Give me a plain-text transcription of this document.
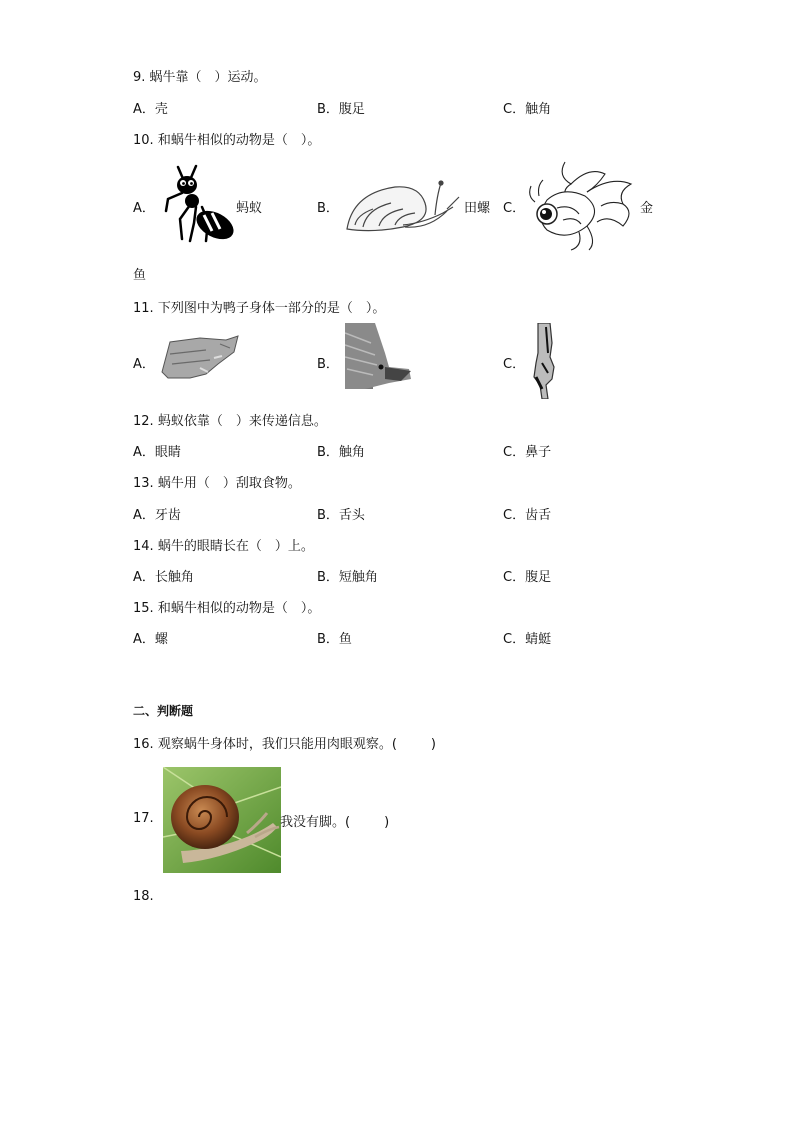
9. 蜗牛靠（　）运动。
A．壳	B．腹足	C．触角
10. 和蜗牛相似的动物是（　）。
A．	蚂蚁	B．	田螺 C．	金
鱼
11. 下列图中为鸭子身体一部分的是（　）。
A．	B．	C．
12. 蚂蚁依靠（　）来传递信息。
A．眼睛	B．触角	C．鼻子
13. 蜗牛用（　）刮取食物。
A．牙齿	B．舌头	C．齿舌
14. 蜗牛的眼睛长在（　）上。
A．长触角	B．短触角	C．腹足
15. 和蜗牛相似的动物是（　）。
A．螺	B．鱼	C．蜻蜓
二、判断题
16. 观察蜗牛身体时，我们只能用肉眼观察。(	)
17.	我没有脚。(	)
18.
